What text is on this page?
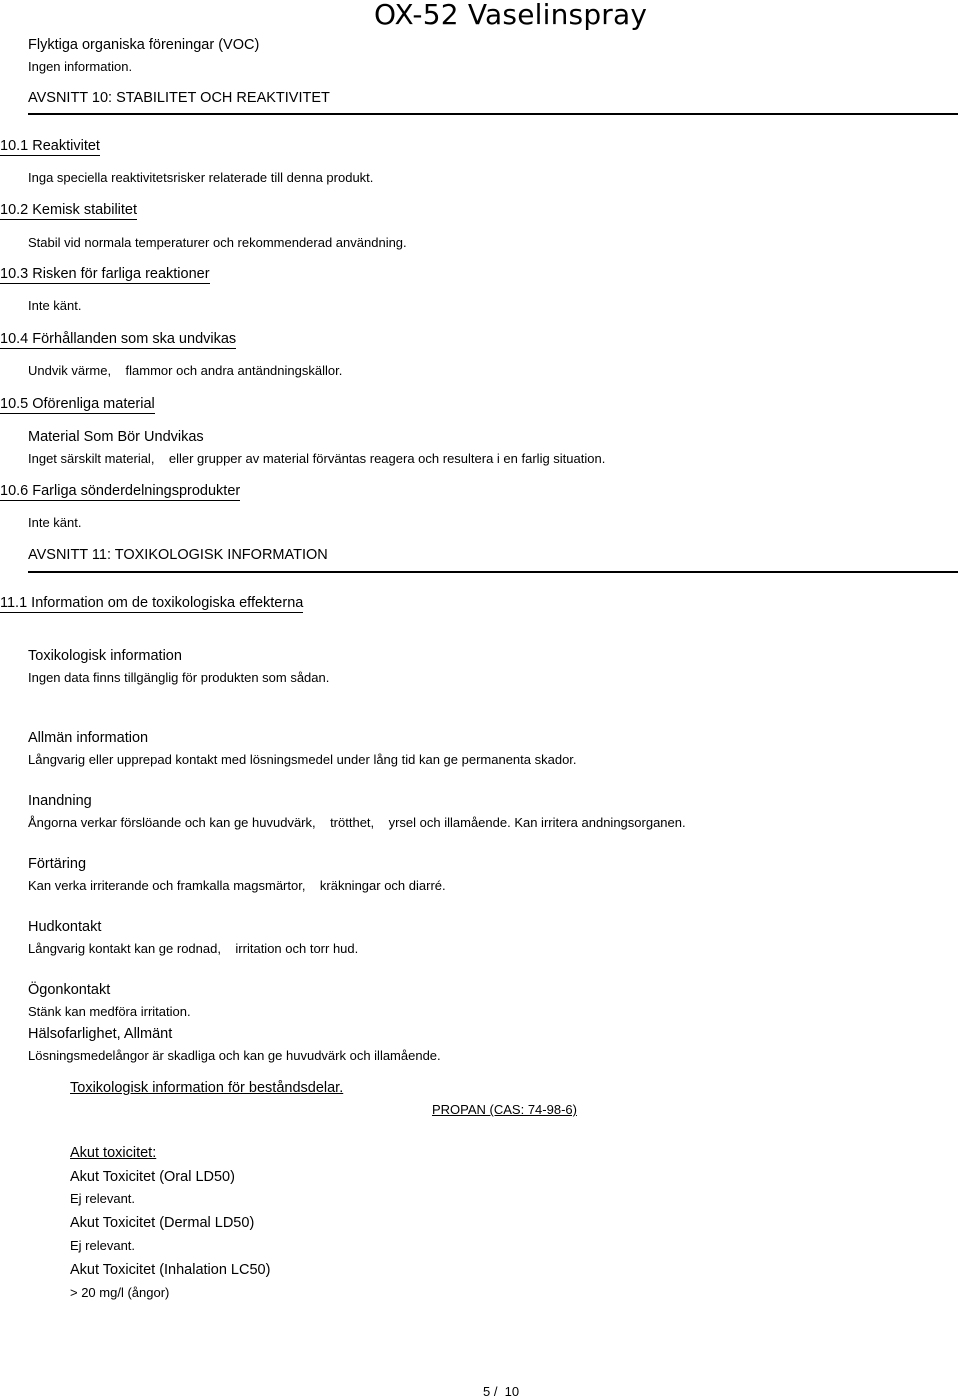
OX-52 Vaselinspray
Flyktiga organiska föreningar (VOC)
Ingen information.
AVSNITT 10: STABILITET OCH REAKTIVITET
10.1 Reaktivitet
Inga speciella reaktivitetsrisker relaterade till denna produkt.
10.2 Kemisk stabilitet
Stabil vid normala temperaturer och rekommenderad användning.
10.3 Risken för farliga reaktioner
Inte känt.
10.4 Förhållanden som ska undvikas
Undvik värme,    flammor och andra antändningskällor.
10.5 Oförenliga material
Material Som Bör Undvikas
Inget särskilt material,    eller grupper av material förväntas reagera och resultera i en farlig situation.
10.6 Farliga sönderdelningsprodukter
Inte känt.
AVSNITT 11: TOXIKOLOGISK INFORMATION
11.1 Information om de toxikologiska effekterna
Toxikologisk information
Ingen data finns tillgänglig för produkten som sådan.
Allmän information
Långvarig eller upprepad kontakt med lösningsmedel under lång tid kan ge permanenta skador.
Inandning
Ångorna verkar förslöande och kan ge huvudvärk,    trötthet,    yrsel och illamående. Kan irritera andningsorganen.
Förtäring
Kan verka irriterande och framkalla magsmärtor,    kräkningar och diarré.
Hudkontakt
Långvarig kontakt kan ge rodnad,    irritation och torr hud.
Ögonkontakt
Stänk kan medföra irritation.
Hälsofarlighet, Allmänt
Lösningsmedelångor är skadliga och kan ge huvudvärk och illamående.
Toxikologisk information för beståndsdelar.
PROPAN (CAS: 74-98-6)
Akut toxicitet:
Akut Toxicitet (Oral LD50)
Ej relevant.
Akut Toxicitet (Dermal LD50)
Ej relevant.
Akut Toxicitet (Inhalation LC50)
> 20 mg/l (ångor)
5 /  10
